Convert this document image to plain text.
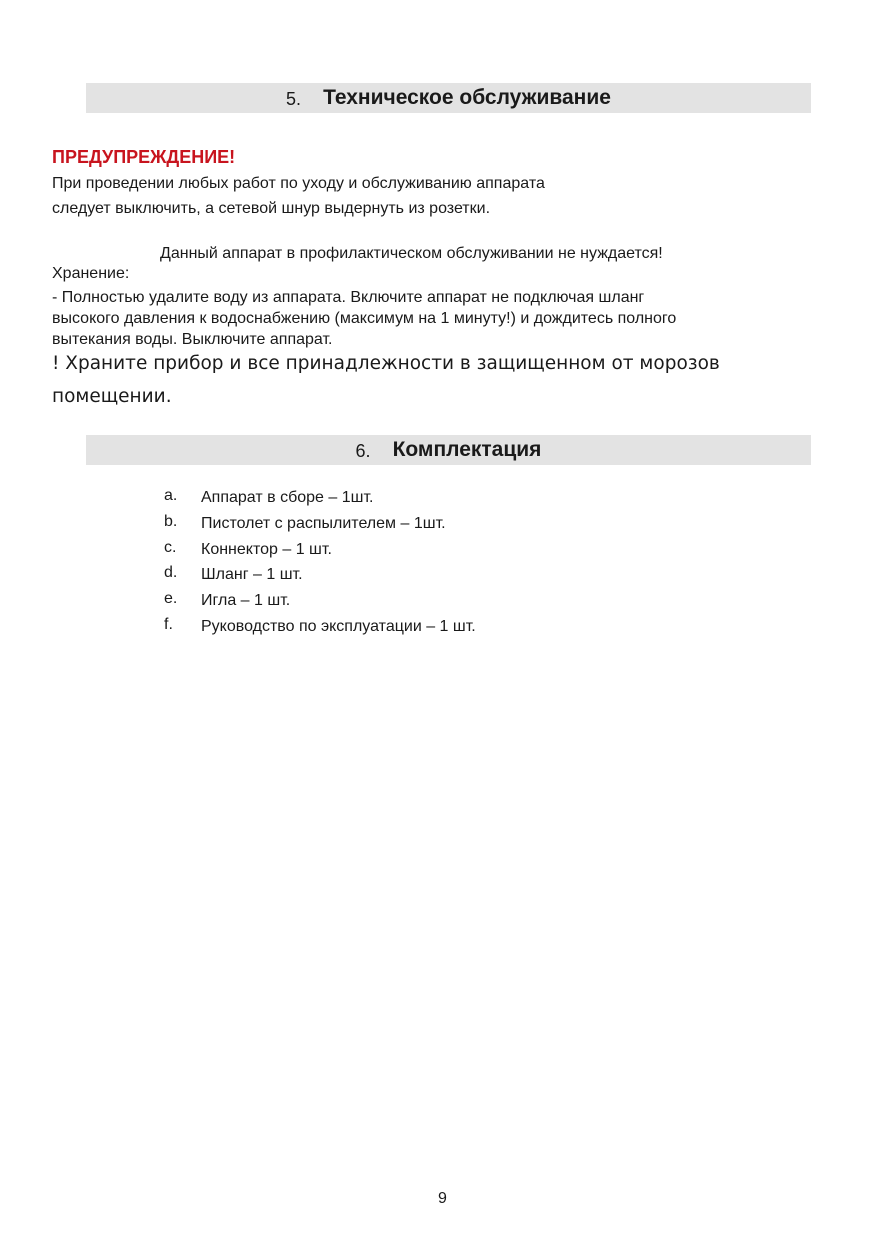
5. Техническое обслуживание
ПРЕДУПРЕЖДЕНИЕ!
При проведении любых работ по уходу и обслуживанию аппарата
следует выключить, а сетевой шнур выдернуть из розетки.
Данный аппарат в профилактическом обслуживании не нуждается!
Хранение:
- Полностью удалите воду из аппарата. Включите аппарат не подключая шланг
высокого давления к водоснабжению (максимум на 1 минуту!) и дождитесь полного
вытекания воды. Выключите аппарат.
! Храните прибор и все принадлежности в защищенном от морозов
помещении.
6. Комплектация
a. Аппарат в сборе – 1шт.
b. Пистолет с распылителем – 1шт.
c. Коннектор – 1 шт.
d. Шланг – 1 шт.
e. Игла – 1 шт.
f. Руководство по эксплуатации – 1 шт.
9
